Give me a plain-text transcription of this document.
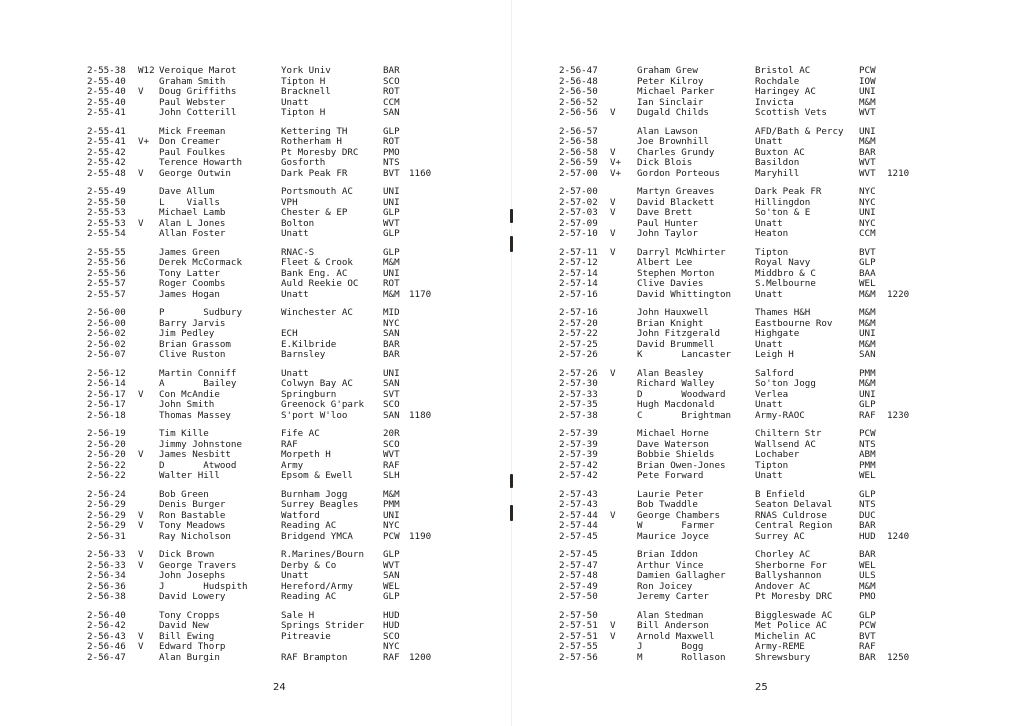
2-55-38 W12 Veroique Marot	York Univ	BAR
2-55-40	Graham Smith	Tipton H	SCO
2-55-40 V Doug Griffiths	Bracknell	ROT
2-55-40	Paul Webster	Unatt	CCM
2-55-41	John Cotterill	Tipton H	SAN
2-55-41	Mick Freeman	Kettering TH	GLP
2-55-41 V+ Don Creamer	Rotherham H	ROT
2-55-42	Paul Foulkes	Pt Moresby DRC	PMO
2-55-42	Terence Howarth	Gosforth	NTS
2-55-48 V George Outwin	Dark Peak FR	BVT 1160
2-55-49	Dave Allum	Portsmouth AC	UNI
2-55-50	L    Vialls	VPH	UNI
2-55-53	Michael Lamb	Chester & EP	GLP
2-55-53 V Alan L Jones	Bolton	WVT
2-55-54	Allan Foster	Unatt	GLP
2-55-55	James Green	RNAC-S	GLP
2-55-56	Derek McCormack	Fleet & Crook	M&M
2-55-56	Tony Latter	Bank Eng. AC	UNI
2-55-57	Roger Coombs	Auld Reekie OC	ROT
2-55-57	James Hogan	Unatt	M&M 1170
2-56-00	P       Sudbury	Winchester AC	MID
2-56-00	Barry Jarvis	NYC
2-56-02	Jim Pedley	ECH	SAN
2-56-02	Brian Grassom	E.Kilbride	BAR
2-56-07	Clive Ruston	Barnsley	BAR
2-56-12	Martin Conniff	Unatt	UNI
2-56-14	A       Bailey	Colwyn Bay AC	SAN
2-56-17 V Con McAndie	Springburn	SVT
2-56-17	John Smith	Greenock G'park SCO
2-56-18	Thomas Massey	S'port W'loo	SAN 1180
2-56-19	Tim Kille	Fife AC	20R
2-56-20	Jimmy Johnstone	RAF	SCO
2-56-20 V James Nesbitt	Morpeth H	WVT
2-56-22	D       Atwood	Army	RAF
2-56-22	Walter Hill	Epsom & Ewell	SLH
2-56-24	Bob Green	Burnham Jogg	M&M
2-56-29	Denis Burger	Surrey Beagles	PMM
2-56-29 V Ron Bastable	Watford	UNI
2-56-29 V Tony Meadows	Reading AC	NYC
2-56-31	Ray Nicholson	Bridgend YMCA	PCW 1190
2-56-33 V Dick Brown	R.Marines/Bourn GLP
2-56-33 V George Travers	Derby & Co	WVT
2-56-34	John Josephs	Unatt	SAN
2-56-36	J       Hudspith	Hereford/Army	WEL
2-56-38	David Lowery	Reading AC	GLP
2-56-40	Tony Cropps	Sale H	HUD
2-56-42	David New	Springs Strider HUD
2-56-43 V Bill Ewing	Pitreavie	SCO
2-56-46 V Edward Thorp	NYC
2-56-47	Alan Burgin	RAF Brampton	RAF 1200
24
2-56-47	Graham Grew	Bristol AC	PCW
2-56-48	Peter Kilroy	Rochdale	IOW
2-56-50	Michael Parker	Haringey AC	UNI
2-56-52	Ian Sinclair	Invicta	M&M
2-56-56 V Dugald Childs	Scottish Vets	WVT
2-56-57	Alan Lawson	AFD/Bath & Percy UNI
2-56-58	Joe Brownhill	Unatt	M&M
2-56-58 V Charles Grundy	Buxton AC	BAR
2-56-59 V+ Dick Blois	Basildon	WVT
2-57-00 V+ Gordon Porteous	Maryhill	WVT 1210
2-57-00	Martyn Greaves	Dark Peak FR	NYC
2-57-02 V David Blackett	Hillingdon	NYC
2-57-03 V Dave Brett	So'ton & E	UNI
2-57-09	Paul Hunter	Unatt	NYC
2-57-10 V John Taylor	Heaton	CCM
2-57-11 V Darryl McWhirter	Tipton	BVT
2-57-12	Albert Lee	Royal Navy	GLP
2-57-14	Stephen Morton	Middbro & C	BAA
2-57-14	Clive Davies	S.Melbourne	WEL
2-57-16	David Whittington	Unatt	M&M 1220
2-57-16	John Hauxwell	Thames H&H	M&M
2-57-20	Brian Knight	Eastbourne Rov	M&M
2-57-22	John Fitzgerald	Highgate	UNI
2-57-25	David Brummell	Unatt	M&M
2-57-26	K       Lancaster	Leigh H	SAN
2-57-26 V Alan Beasley	Salford	PMM
2-57-30	Richard Walley	So'ton Jogg	M&M
2-57-33	D       Woodward	Verlea	UNI
2-57-35	Hugh Macdonald	Unatt	GLP
2-57-38	C       Brightman	Army-RAOC	RAF 1230
2-57-39	Michael Horne	Chiltern Str	PCW
2-57-39	Dave Waterson	Wallsend AC	NTS
2-57-39	Bobbie Shields	Lochaber	ABM
2-57-42	Brian Owen-Jones	Tipton	PMM
2-57-42	Pete Forward	Unatt	WEL
2-57-43	Laurie Peter	B Enfield	GLP
2-57-43	Bob Twaddle	Seaton Delaval	NTS
2-57-44 V George Chambers	RNAS Culdrose	DUC
2-57-44	W       Farmer	Central Region	BAR
2-57-45	Maurice Joyce	Surrey AC	HUD 1240
2-57-45	Brian Iddon	Chorley AC	BAR
2-57-47	Arthur Vince	Sherborne For	WEL
2-57-48	Damien Gallagher	Ballyshannon	ULS
2-57-49	Ron Joicey	Andover AC	M&M
2-57-50	Jeremy Carter	Pt Moresby DRC	PMO
2-57-50	Alan Stedman	Biggleswade AC	GLP
2-57-51 V Bill Anderson	Met Police AC	PCW
2-57-51 V Arnold Maxwell	Michelin AC	BVT
2-57-55	J       Bogg	Army-REME	RAF
2-57-56	M       Rollason	Shrewsbury	BAR 1250
25
